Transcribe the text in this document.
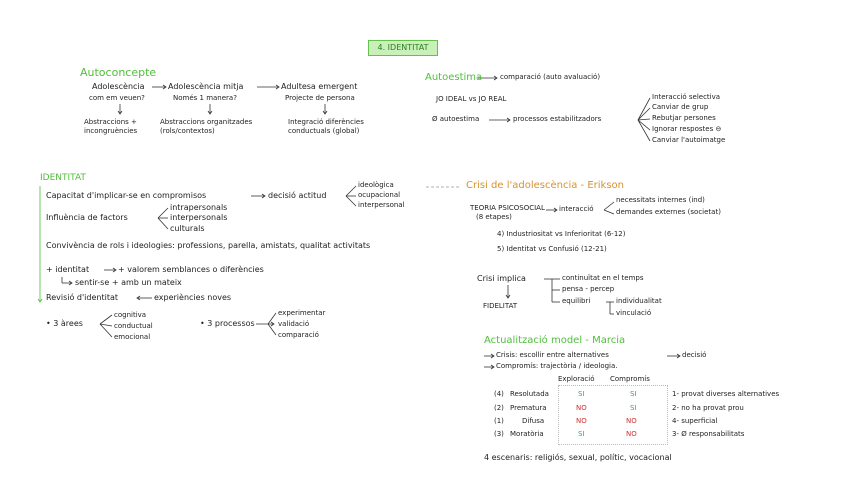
4. IDENTITAT
Autoconcepte
Adolescència	Adolescència mitja	Adultesa emergent
com em veuen?	Només 1 manera?	Projecte de persona
Abstraccions + incongruències
Abstraccions organitzades (rols/contextos)
Integració diferències conductuals (global)
Autoestima	comparació (auto avaluació)
JO IDEAL vs JO REAL
Ø autoestima	processos estabilitzadors
Interacció selectiva
Canviar de grup
Rebutjar persones
Ignorar respostes ⊖
Canviar l'autoimatge
IDENTITAT
Capacitat d'implicar-se en compromisos	decisió actitud
ideològica
ocupacional
interpersonal
Influència de factors
intrapersonals
interpersonals
culturals
Convivència de rols i ideologies: professions, parella, amistats, qualitat activitats
+ identitat	+ valorem semblances o diferències
sentir-se + amb un mateix
Revisió d'identitat	experiències noves
• 3 àrees
cognitiva
conductual
emocional
• 3 processos
experimentar
validació
comparació
Crisi de l'adolescència - Erikson
TEORIA PSICOSOCIAL
(8 etapes)
interacció
necessitats internes (ind)
demandes externes (societat)
4) Industriositat vs Inferioritat (6-12)
5) Identitat vs Confusió (12-21)
Crisi implica	continuïtat en el temps
pensa - percep
equilibri	individualitat
vinculació
FIDELITAT
Actualització model - Marcia
Crisis: escollir entre alternatives	decisió
Compromís: trajectòria / ideologia.
Exploració Compromís
(4) Resolutada	SI	SI	1- provat diverses alternatives
(2) Prematura	NO	SI	2- no ha provat prou
(1)	Difusa	NO	NO	4- superficial
(3) Moratòria	SI	NO	3- Ø responsabilitats
4 escenaris: religiós, sexual, polític, vocacional
